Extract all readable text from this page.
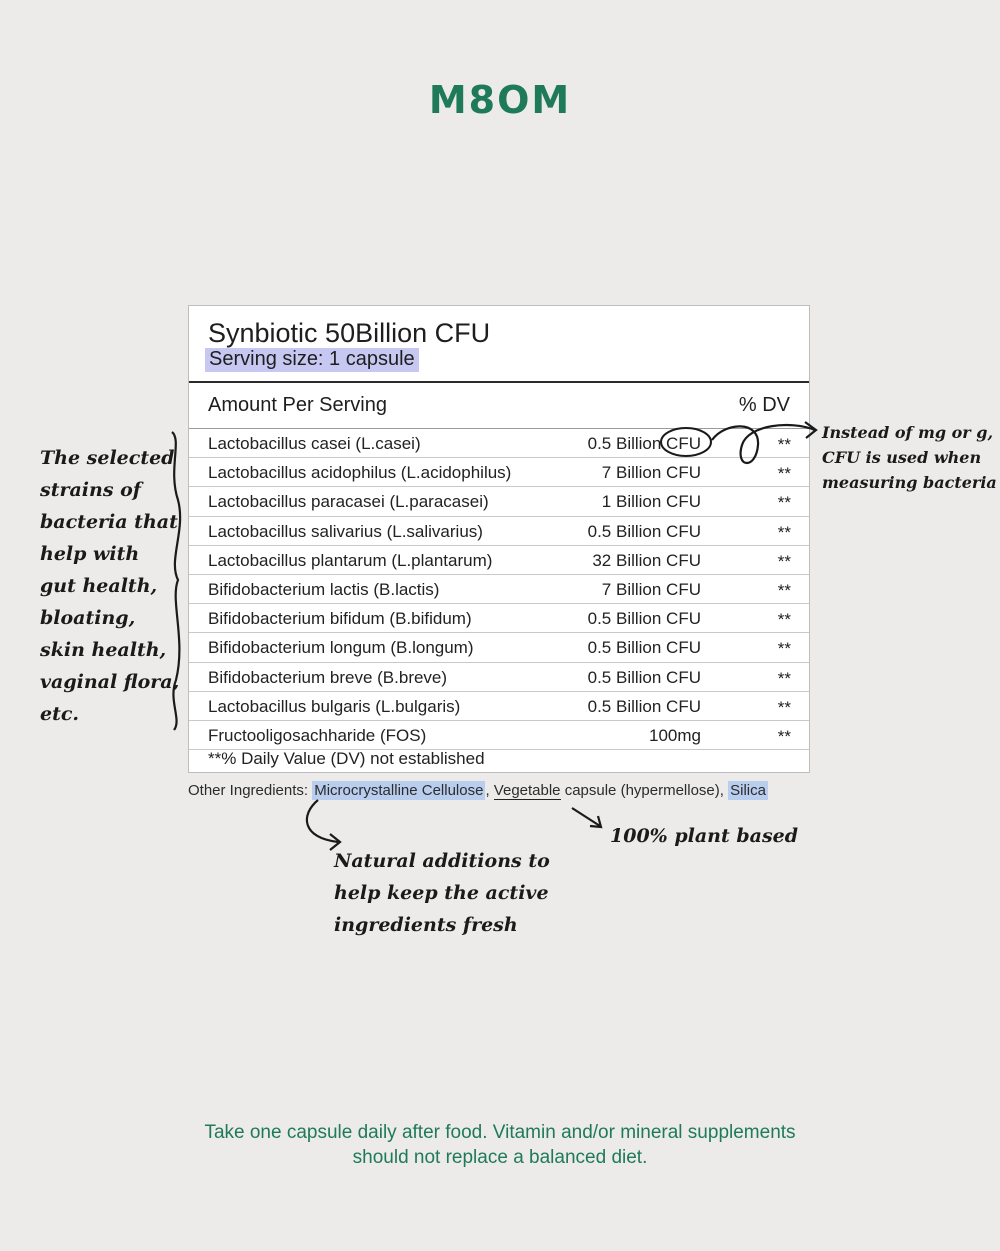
M8OM
Synbiotic 50Billion CFU
Serving size: 1 capsule
Amount Per Serving	% DV
Lactobacillus casei (L.casei)	0.5 Billion CFU	**
Lactobacillus acidophilus (L.acidophilus)	7 Billion CFU	**
Lactobacillus paracasei (L.paracasei)	1 Billion CFU	**
Lactobacillus salivarius (L.salivarius)	0.5 Billion CFU	**
Lactobacillus plantarum (L.plantarum)	32 Billion CFU	**
Bifidobacterium lactis (B.lactis)	7 Billion CFU	**
Bifidobacterium bifidum (B.bifidum)	0.5 Billion CFU	**
Bifidobacterium longum (B.longum)	0.5 Billion CFU	**
Bifidobacterium breve (B.breve)	0.5 Billion CFU	**
Lactobacillus bulgaris (L.bulgaris)	0.5 Billion CFU	**
Fructooligosachharide (FOS)	100mg	**
**% Daily Value (DV) not established
Other Ingredients: Microcrystalline Cellulose , Vegetable capsule (hypermellose), Silica
The selected strains of bacteria that help with gut health, bloating, skin health, vaginal flora, etc.
Instead of mg or g, CFU is used when measuring bacteria
Natural additions to help keep the active ingredients fresh
100% plant based
Take one capsule daily after food. Vitamin and/or mineral supplements
should not replace a balanced diet.
